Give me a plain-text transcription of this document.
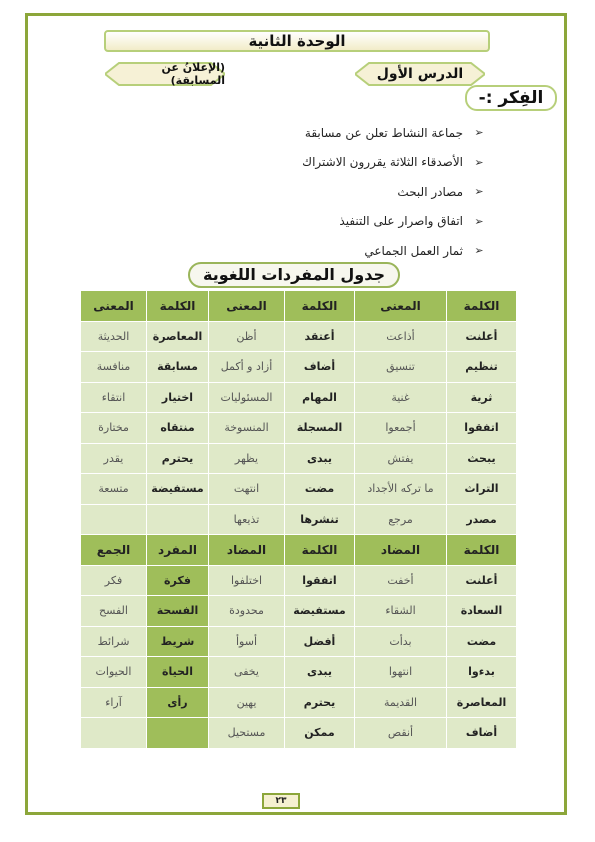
الوحدة الثانية
الدرس الأول
(الإعلانُ عن المسابقة)
الفِكر :-
➢
جماعة النشاط تعلن عن مسابقة
➢
الأصدقاء الثلاثة يقررون الاشتراك
➢
مصادر البحث
➢
اتفاق واصرار على التنفيذ
➢
ثمار العمل الجماعي
جدول المفردات اللغوية
الكلمة	المعنى	الكلمة	المعنى	الكلمة	المعنى
أعلنت	أذاعت	أعتقد	أظن	المعاصرة	الحديثة
تنظيم	تنسيق	أضاف	أزاد و أكمل	مسابقة	منافسة
ثرية	غنية	المهام	المسئوليات	اختيار	انتقاء
اتفقوا	أجمعوا	المسجلة	المنسوخة	منتقاه	مختارة
يبحث	يفتش	يبدى	يظهر	يحترم	يقدر
التراث	ما تركه الأجداد	مضت	انتهت	مستفيضة	متسعة
مصدر	مرجع	تنشرها	تذيعها		
الكلمة	المضاد	الكلمة	المضاد	المفرد	الجمع
أعلنت	أخفت	اتفقوا	اختلفوا	فكرة	فكر
السعادة	الشقاء	مستفيضة	محدودة	الفسحة	الفسح
مضت	بدأت	أفضل	أسوأ	شريط	شرائط
بدءوا	انتهوا	يبدى	يخفى	الحياة	الحيوات
المعاصرة	القديمة	يحترم	يهين	رأى	آراء
أضاف	أنقص	ممكن	مستحيل		
٢٣
